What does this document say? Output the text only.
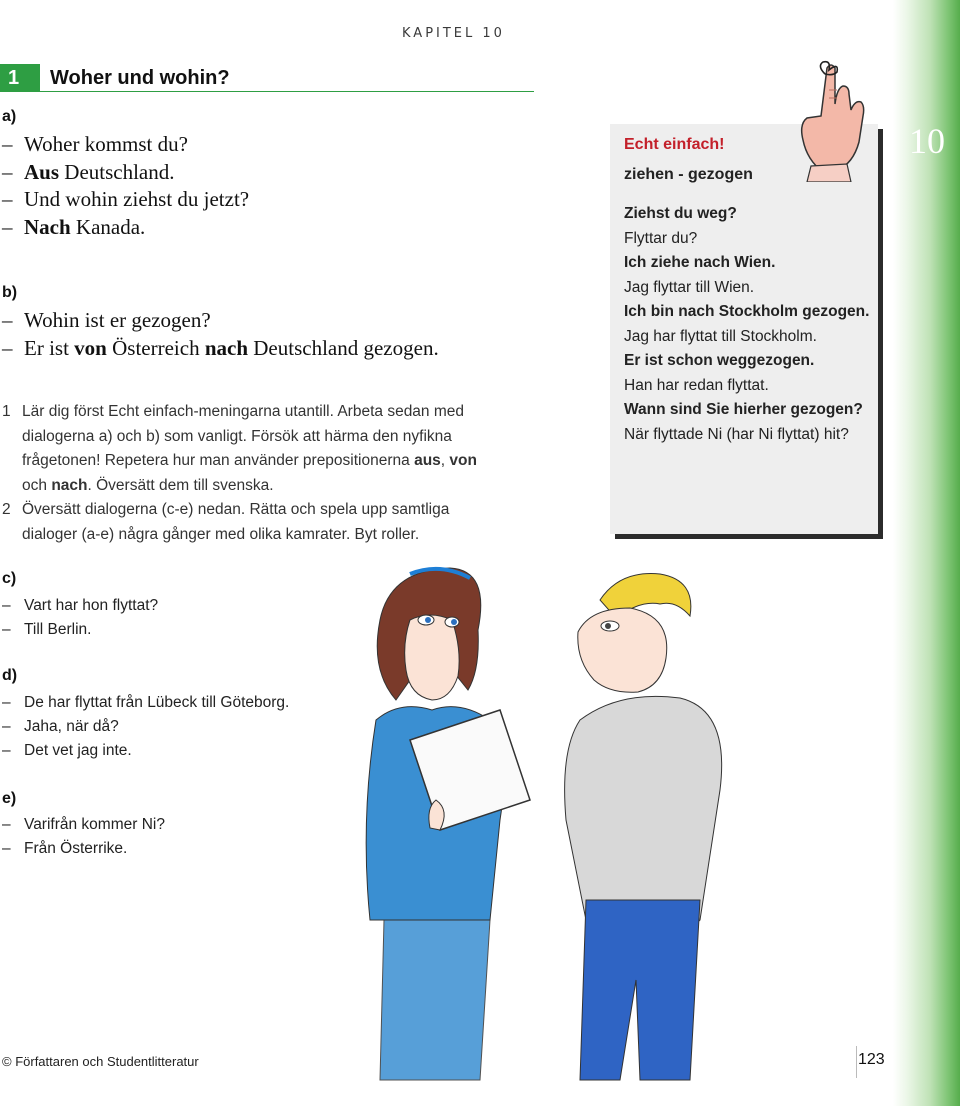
10
KAPITEL 10
1	Woher und wohin?
a)
– Woher kommst du?
– Aus Deutschland.
– Und wohin ziehst du jetzt?
– Nach Kanada.
b)
– Wohin ist er gezogen?
– Er ist von Österreich nach Deutschland gezogen.
1 Lär dig först Echt einfach-meningarna utantill. Arbeta sedan med dialogerna a) och b) som vanligt. Försök att härma den nyfikna frågetonen! Repetera hur man använder prepositionerna aus, von och nach. Översätt dem till svenska.
2 Översätt dialogerna (c-e) nedan. Rätta och spela upp samtliga dialoger (a-e) några gånger med olika kamrater. Byt roller.
c)
– Vart har hon flyttat?
– Till Berlin.
d)
– De har flyttat från Lübeck till Göteborg.
– Jaha, när då?
– Det vet jag inte.
e)
– Varifrån kommer Ni?
– Från Österrike.
Echt einfach!
ziehen - gezogen
Ziehst du weg?
Flyttar du?
Ich ziehe nach Wien.
Jag flyttar till Wien.
Ich bin nach Stockholm gezogen.
Jag har flyttat till Stockholm.
Er ist schon weggezogen.
Han har redan flyttat.
Wann sind Sie hierher gezogen?
När flyttade Ni (har Ni flyttat) hit?
© Författaren och Studentlitteratur	123
